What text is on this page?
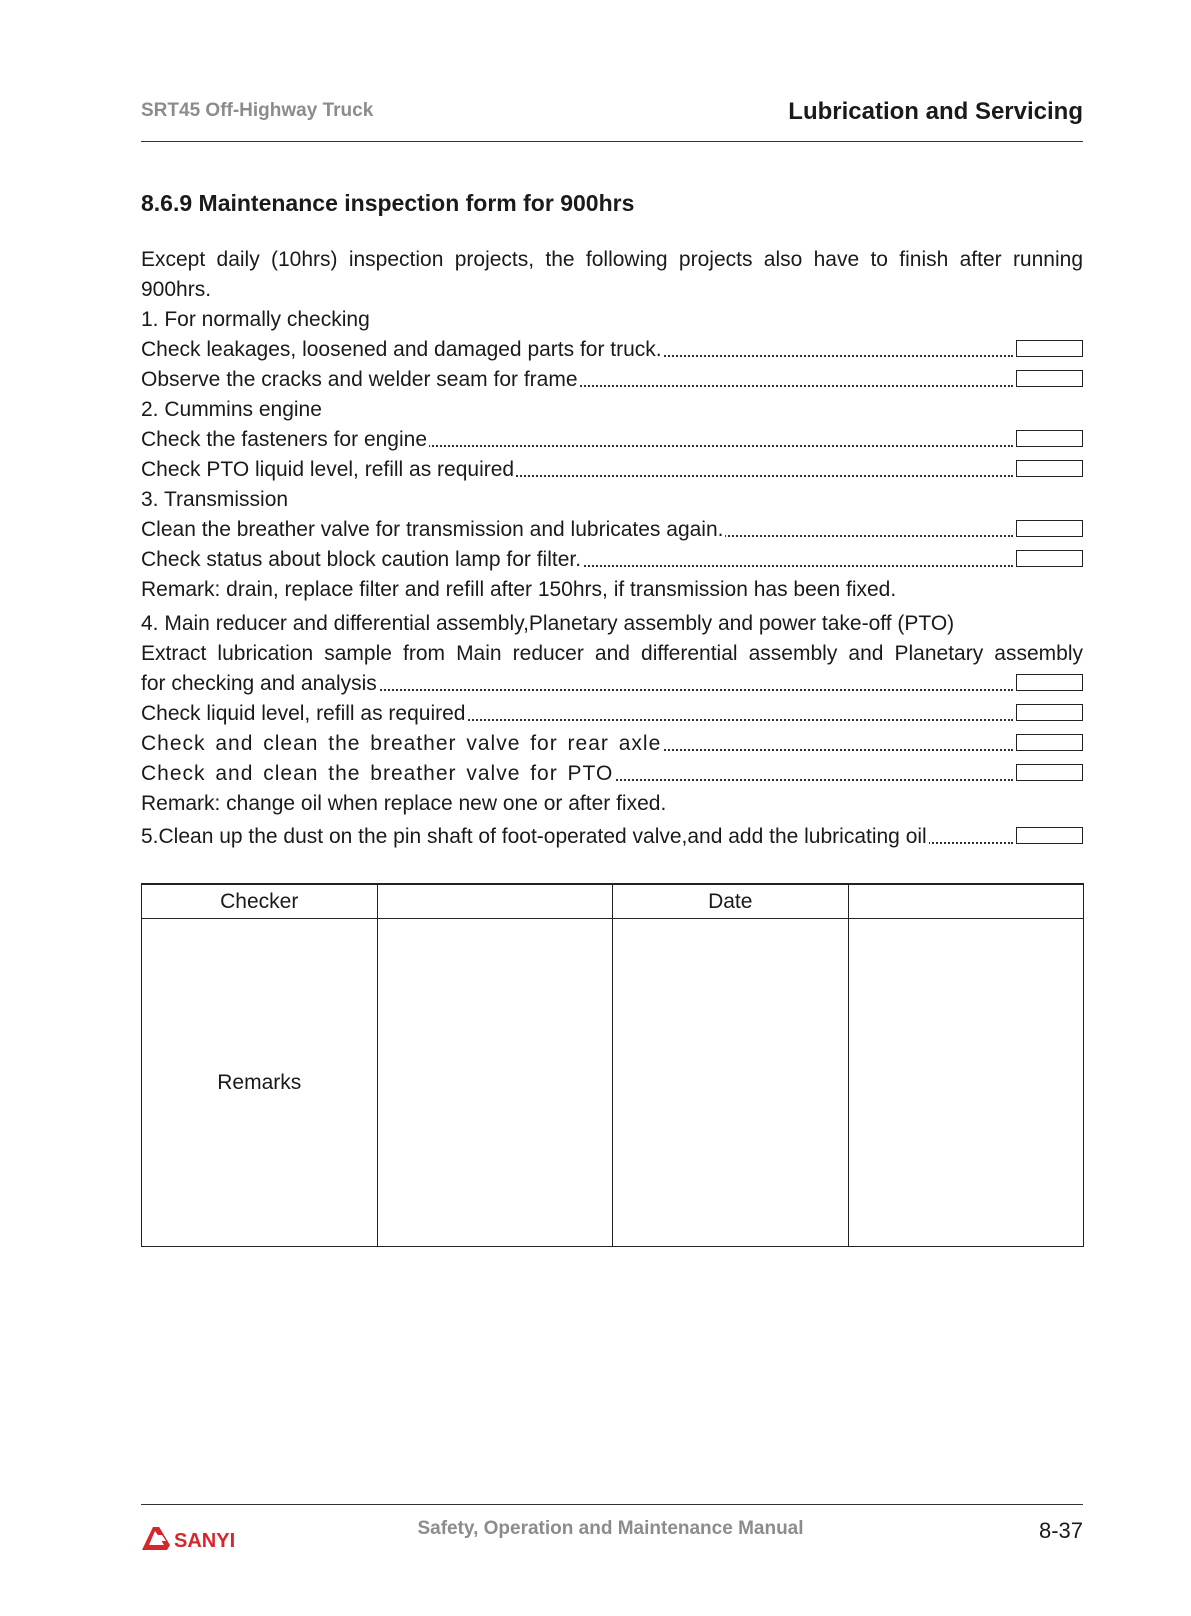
SRT45 Off-Highway Truck	Lubrication and Servicing
8.6.9 Maintenance inspection form for 900hrs
Except daily (10hrs) inspection projects, the following projects also have to finish after running 900hrs.
1. For normally checking
Check leakages, loosened and damaged parts for truck.
Observe the cracks and welder seam for frame
2. Cummins engine
Check the fasteners for engine
Check PTO liquid level, refill as required
3. Transmission
Clean the breather valve for transmission and lubricates again.
Check status about block caution lamp for filter.
Remark: drain, replace filter and refill after 150hrs, if transmission has been fixed.
4. Main reducer and differential assembly,Planetary assembly and power take-off (PTO)
Extract lubrication sample from Main reducer and differential assembly and Planetary assembly
for checking and analysis
Check liquid level, refill as required
Check and clean the breather valve for rear axle
Check and clean the breather valve for PTO
Remark: change oil when replace new one or after fixed.
5.Clean up the dust on the pin shaft of foot-operated valve,and add the lubricating oil
Checker		Date	
Remarks			
SANYI
Safety, Operation and Maintenance Manual	8-37
